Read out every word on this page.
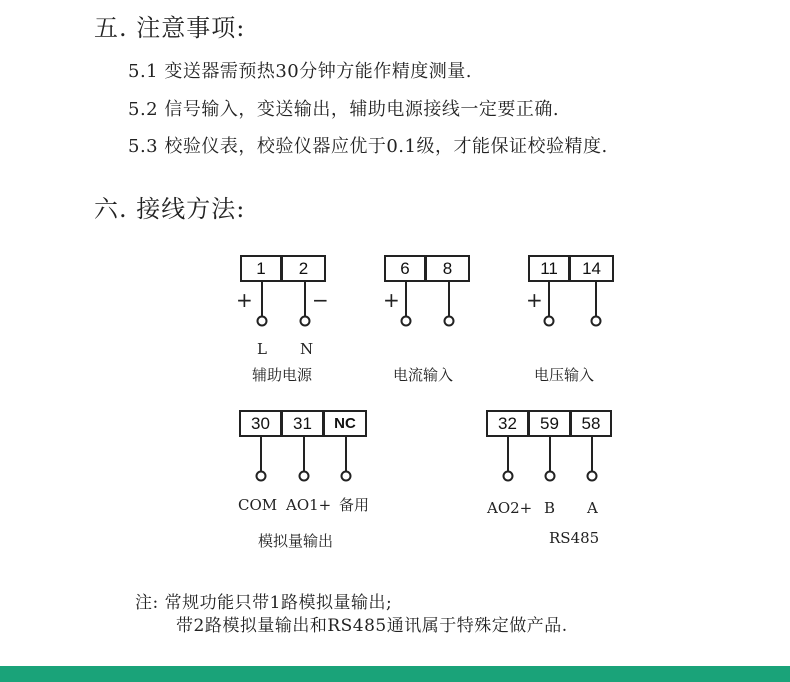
五. 注意事项:
5.1 变送器需预热30分钟方能作精度测量.
5.2 信号输入，变送输出，辅助电源接线一定要正确.
5.3 校验仪表，校验仪器应优于0.1级，才能保证校验精度.
六. 接线方法:
1	2
+	−
L N
辅助电源
6	8
+
电流输入
11	14
+
电压输入
30	31	NC
COM AO1+ 备用
模拟量输出
32	59	58
AO2+ B A
RS485
注: 常规功能只带1路模拟量输出;
带2路模拟量输出和RS485通讯属于特殊定做产品.
